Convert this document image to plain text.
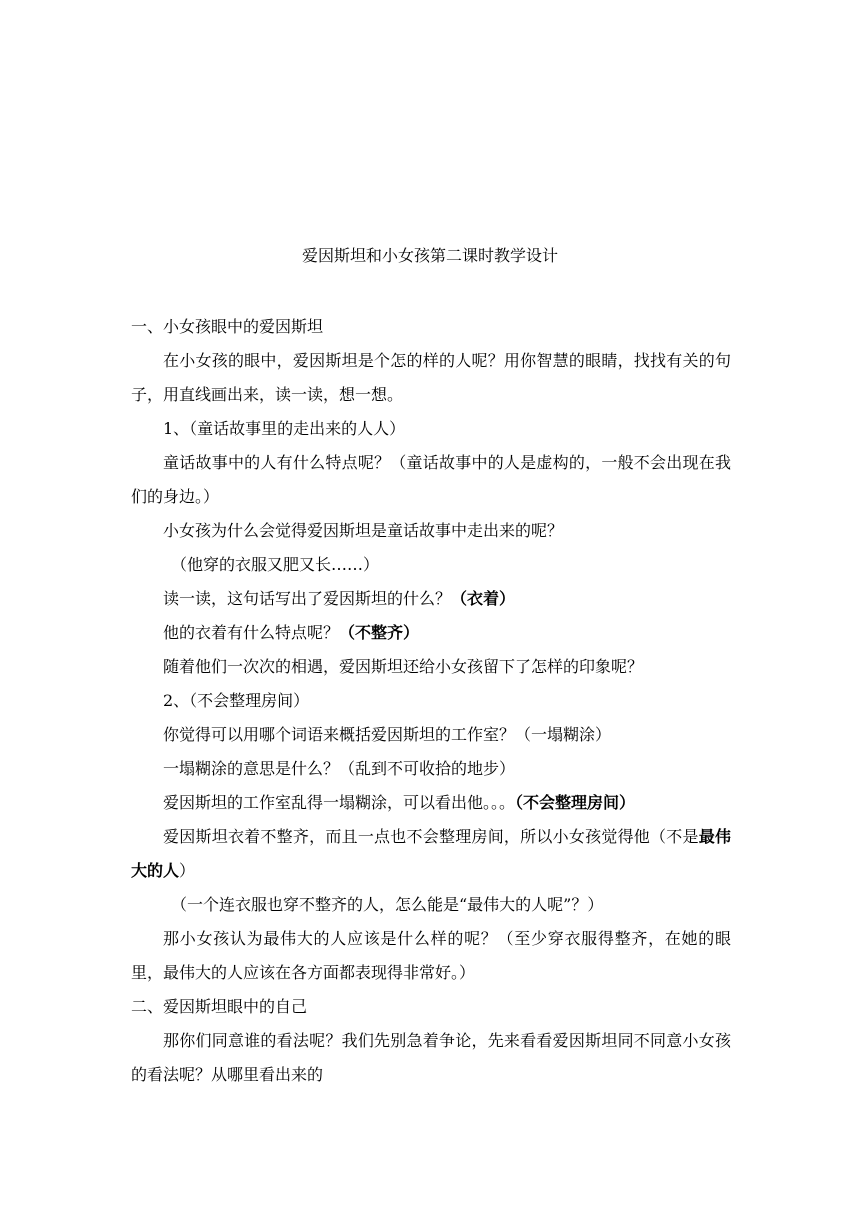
爱因斯坦和小女孩第二课时教学设计
一、小女孩眼中的爱因斯坦
在小女孩的眼中，爱因斯坦是个怎的样的人呢？用你智慧的眼睛，找找有关的句子，用直线画出来，读一读，想一想。
1、（童话故事里的走出来的人人）
童话故事中的人有什么特点呢？（童话故事中的人是虚构的，一般不会出现在我们的身边。）
小女孩为什么会觉得爱因斯坦是童话故事中走出来的呢？
（他穿的衣服又肥又长……）
读一读，这句话写出了爱因斯坦的什么？（衣着）
他的衣着有什么特点呢？（不整齐）
随着他们一次次的相遇，爱因斯坦还给小女孩留下了怎样的印象呢？
2、（不会整理房间）
你觉得可以用哪个词语来概括爱因斯坦的工作室？（一塌糊涂）
一塌糊涂的意思是什么？（乱到不可收拾的地步）
爱因斯坦的工作室乱得一塌糊涂，可以看出他。。。（不会整理房间）
爱因斯坦衣着不整齐，而且一点也不会整理房间，所以小女孩觉得他（不是最伟大的人）
（一个连衣服也穿不整齐的人，怎么能是“最伟大的人呢”？）
那小女孩认为最伟大的人应该是什么样的呢？（至少穿衣服得整齐，在她的眼里，最伟大的人应该在各方面都表现得非常好。）
二、爱因斯坦眼中的自己
那你们同意谁的看法呢？我们先别急着争论，先来看看爱因斯坦同不同意小女孩的看法呢？从哪里看出来的
